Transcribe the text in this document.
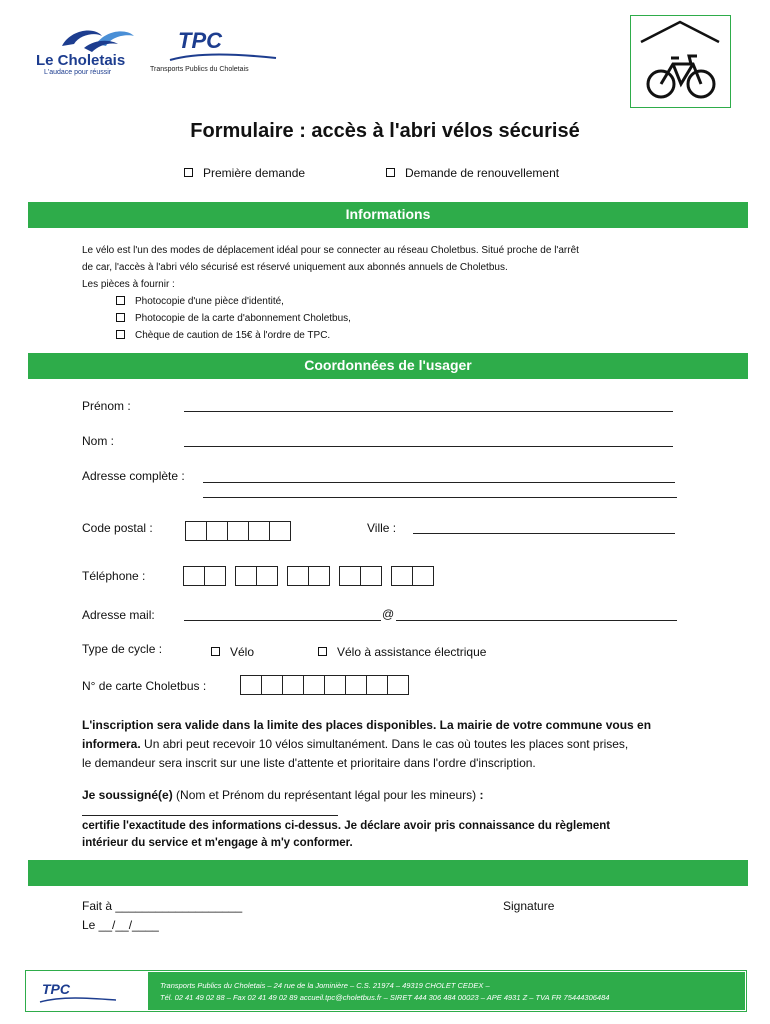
Le Choletais
L'audace pour réussir
TPC
Transports Publics du Choletais
Formulaire : accès à l'abri vélos sécurisé
Première demande	Demande de renouvellement
Informations
Le vélo est l'un des modes de déplacement idéal pour se connecter au réseau Choletbus. Situé proche de l'arrêt
de car, l'accès à l'abri vélo sécurisé est réservé uniquement aux abonnés annuels de Choletbus.
Les pièces à fournir :
Photocopie d'une pièce d'identité,
Photocopie de la carte d'abonnement Choletbus,
Chèque de caution de 15€ à l'ordre de TPC.
Coordonnées de l'usager
Prénom :
Nom :
Adresse complète :
Code postal :	Ville :
Téléphone :
Adresse mail:	@
Type de cycle :	Vélo	Vélo à assistance électrique
N° de carte Choletbus :
L'inscription sera valide dans la limite des places disponibles. La mairie de votre commune vous en
informera. Un abri peut recevoir 10 vélos simultanément. Dans le cas où toutes les places sont prises,
le demandeur sera inscrit sur une liste d'attente et prioritaire dans l'ordre d'inscription.
Je soussigné(e) (Nom et Prénom du représentant légal pour les mineurs) :
certifie l'exactitude des informations ci-dessus. Je déclare avoir pris connaissance du règlement
intérieur du service et m'engage à m'y conformer.
Fait à ___________________
Le __/__/____
Signature
TPC	Transports Publics du Choletais – 24 rue de la Jominière – C.S. 21974 – 49319 CHOLET CEDEX –
Tél. 02 41 49 02 88 – Fax 02 41 49 02 89 accueil.tpc@choletbus.fr – SIRET 444 306 484 00023 – APE 4931 Z – TVA FR 75444306484
